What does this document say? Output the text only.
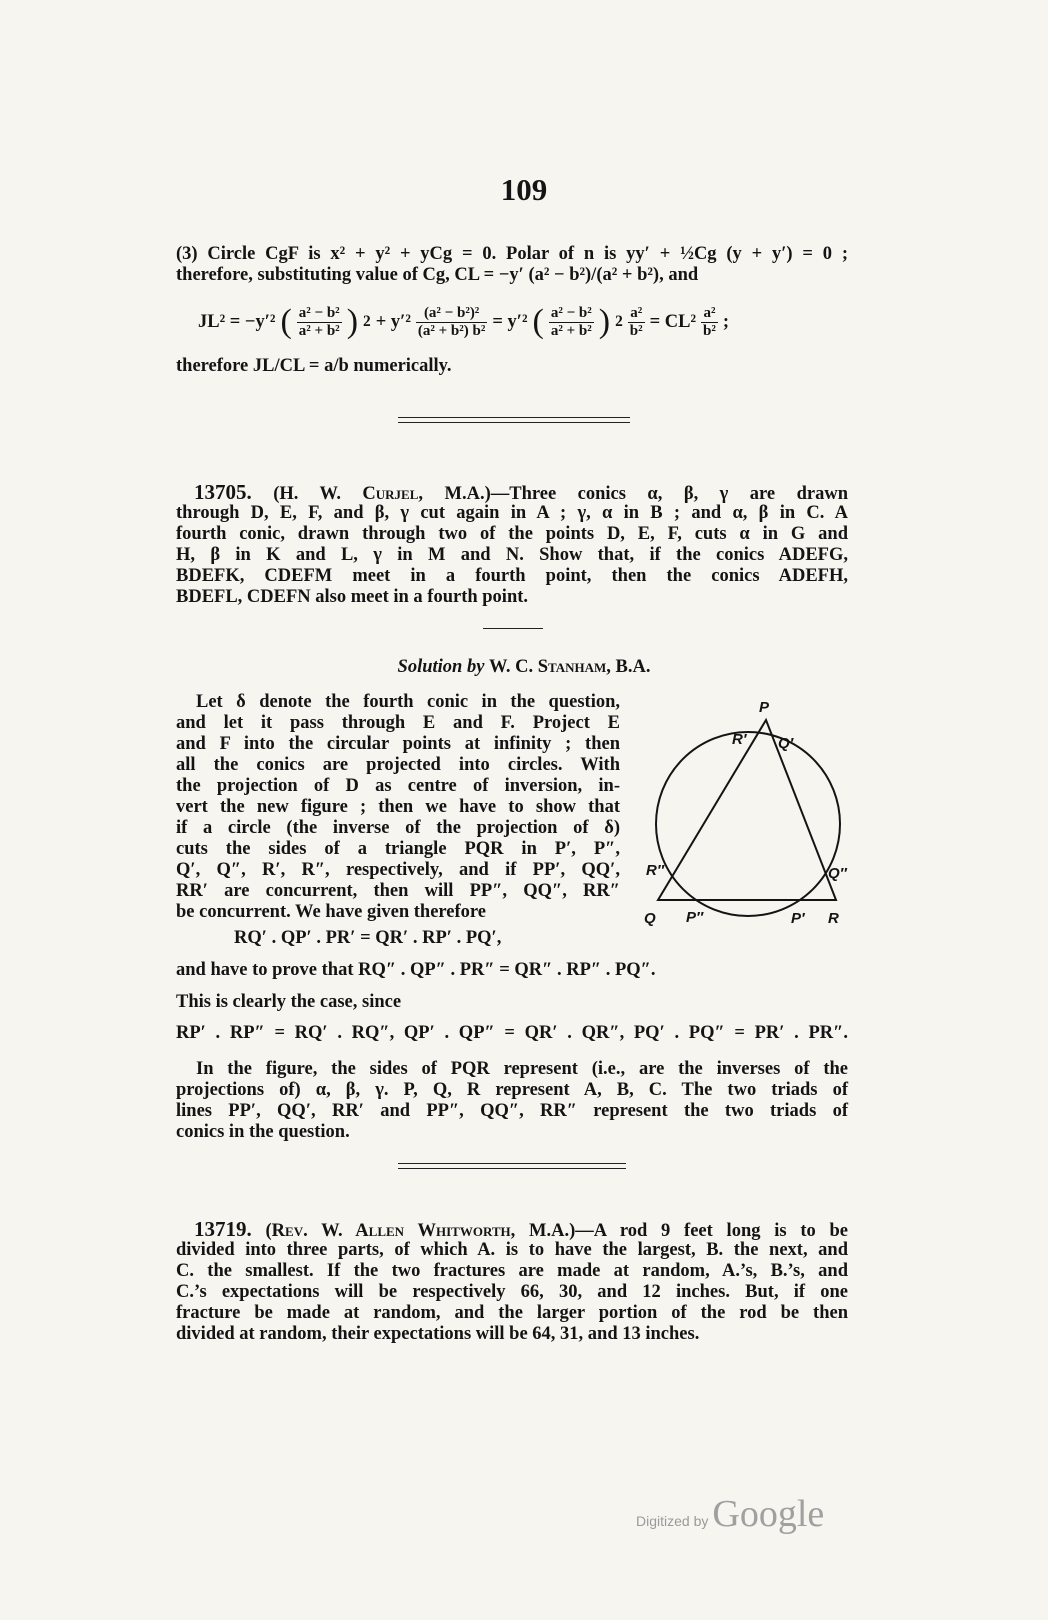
109
(3) Circle CgF is x² + y² + yCg = 0. Polar of n is yy′ + ½Cg (y + y′) = 0 ;
therefore, substituting value of Cg, CL = −y′ (a² − b²)/(a² + b²), and
JL² = −y′² ( $\frac{\text{a² − b²}}{\text{a² + b²}}$ ) $2 + y'^2 \frac{\text{(a² − b²)²}}{\text{(a² + b²) b²}} = y'^2$ ( $\frac{\text{a² − b²}}{\text{a² + b²}}$ ) $2 \frac{\text{a²}}{\text{b²}} = CL^2 \frac{\text{a²}}{\text{b²}}$ ;
therefore JL/CL = a/b numerically.
13705. (H. W. Curjel, M.A.)—Three conics α, β, γ are drawn
through D, E, F, and β, γ cut again in A ; γ, α in B ; and α, β in C. A
fourth conic, drawn through two of the points D, E, F, cuts α in G and
H, β in K and L, γ in M and N. Show that, if the conics ADEFG,
BDEFK, CDEFM meet in a fourth point, then the conics ADEFH,
BDEFL, CDEFN also meet in a fourth point.
Solution by W. C. Stanham, B.A.
Let δ denote the fourth conic in the question,
and let it pass through E and F. Project E
and F into the circular points at infinity ; then
all the conics are projected into circles. With
the projection of D as centre of inversion, in-
vert the new figure ; then we have to show that
if a circle (the inverse of the projection of δ)
cuts the sides of a triangle PQR in P′, P″,
Q′, Q″, R′, R″, respectively, and if PP′, QQ′,
RR′ are concurrent, then will PP″, QQ″, RR″
be concurrent. We have given therefore
RQ′ . QP′ . PR′ = QR′ . RP′ . PQ′,
P
Q	R
R′ Q′
R″	Q″
P″	P′
and have to prove that RQ″ . QP″ . PR″ = QR″ . RP″ . PQ″.
This is clearly the case, since
RP′ . RP″ = RQ′ . RQ″, QP′ . QP″ = QR′ . QR″, PQ′ . PQ″ = PR′ . PR″.
In the figure, the sides of PQR represent (i.e., are the inverses of the
projections of) α, β, γ. P, Q, R represent A, B, C. The two triads of
lines PP′, QQ′, RR′ and PP″, QQ″, RR″ represent the two triads of
conics in the question.
13719. (Rev. W. Allen Whitworth, M.A.)—A rod 9 feet long is to be
divided into three parts, of which A. is to have the largest, B. the next, and
C. the smallest. If the two fractures are made at random, A.’s, B.’s, and
C.’s expectations will be respectively 66, 30, and 12 inches. But, if one
fracture be made at random, and the larger portion of the rod be then
divided at random, their expectations will be 64, 31, and 13 inches.
Digitized by Google
